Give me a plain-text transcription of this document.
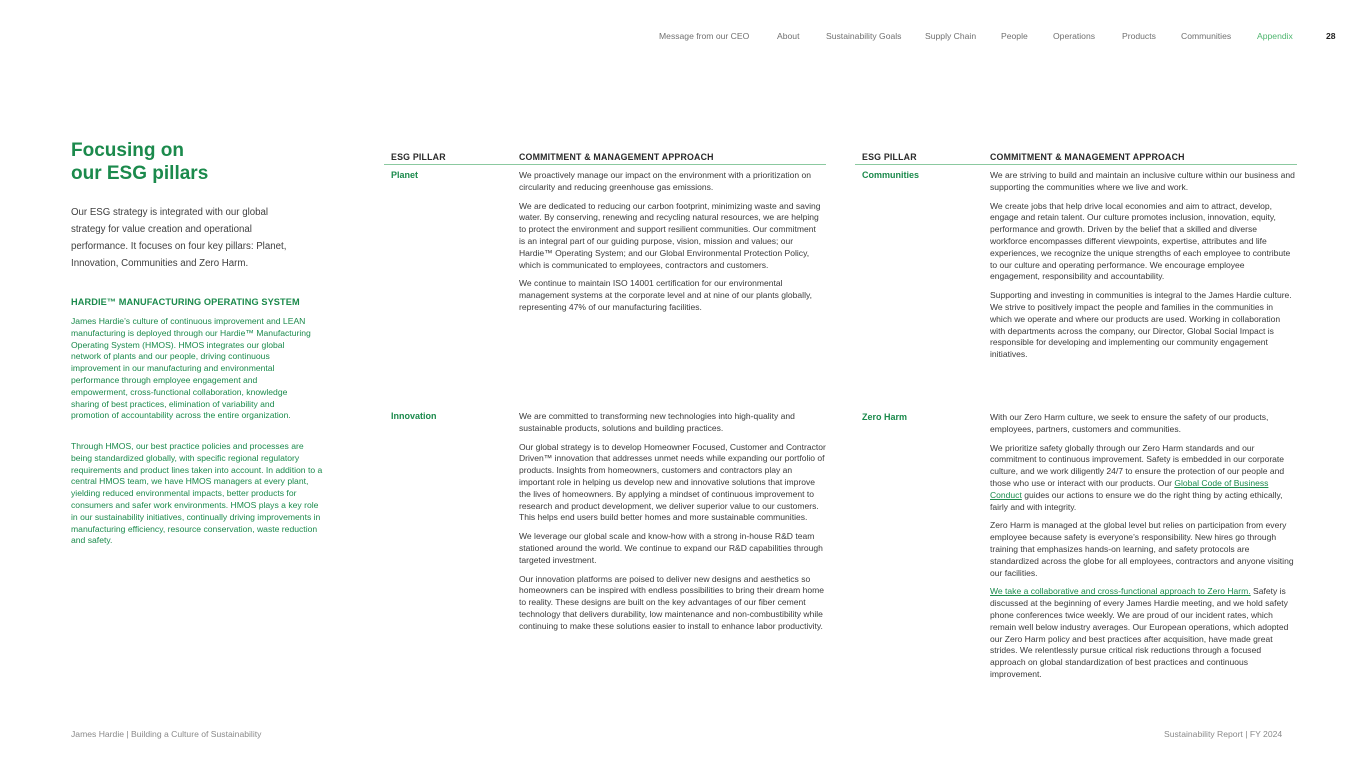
Message from our CEO	About	Sustainability Goals	Supply Chain	People	Operations	Products	Communities	Appendix	28
Focusing on
our ESG pillars

Our ESG strategy is integrated with our global strategy for value creation and operational performance. It focuses on four key pillars: Planet, Innovation, Communities and Zero Harm.

HARDIE™ MANUFACTURING OPERATING SYSTEM

James Hardie’s culture of continuous improvement and LEAN manufacturing is deployed through our Hardie™ Manufacturing Operating System (HMOS). HMOS integrates our global network of plants and our people, driving continuous improvement in our manufacturing and environmental performance through employee engagement and empowerment, cross-functional collaboration, knowledge sharing of best practices, elimination of variability and promotion of accountability across the entire organization.

Through HMOS, our best practice policies and processes are being standardized globally, with specific regional regulatory requirements and product lines taken into account. In addition to a central HMOS team, we have HMOS managers at every plant, yielding reduced environmental impacts, better products for consumers and safer work environments. HMOS plays a key role in our sustainability initiatives, continually driving improvements in manufacturing efficiency, resource conservation, waste reduction and safety.

ESG PILLAR	COMMITMENT & MANAGEMENT APPROACH
Planet	We proactively manage our impact on the environment with a prioritization on circularity and reducing greenhouse gas emissions.

We are dedicated to reducing our carbon footprint, minimizing waste and saving water. By conserving, renewing and recycling natural resources, we are helping to protect the environment and support resilient communities. Our commitment is an integral part of our guiding purpose, vision, mission and values; our Hardie™ Operating System; and our Global Environmental Protection Policy, which is communicated to employees, contractors and customers.

We continue to maintain ISO 14001 certification for our environmental management systems at the corporate level and at nine of our plants globally, representing 47% of our manufacturing facilities.

Innovation	We are committed to transforming new technologies into high-quality and sustainable products, solutions and building practices.

Our global strategy is to develop Homeowner Focused, Customer and Contractor Driven™ innovation that addresses unmet needs while expanding our portfolio of products. Insights from homeowners, customers and contractors play an important role in helping us develop new and innovative solutions that improve the lives of homeowners. By applying a mindset of continuous improvement to research and product development, we deliver superior value to our customers. This helps end users build better homes and more sustainable communities.

We leverage our global scale and know-how with a strong in-house R&D team stationed around the world. We continue to expand our R&D capabilities through targeted investment.

Our innovation platforms are poised to deliver new designs and aesthetics so homeowners can be inspired with endless possibilities to bring their dream home to reality. These designs are built on the key advantages of our fiber cement technology that delivers durability, low maintenance and non-combustibility while continuing to make these solutions easier to install to enhance labor productivity.

ESG PILLAR	COMMITMENT & MANAGEMENT APPROACH
Communities	We are striving to build and maintain an inclusive culture within our business and supporting the communities where we live and work.

We create jobs that help drive local economies and aim to attract, develop, engage and retain talent. Our culture promotes inclusion, innovation, equity, performance and growth. Driven by the belief that a skilled and diverse workforce encompasses different viewpoints, expertise, attributes and life experiences, we recognize the unique strengths of each employee to contribute to our culture and operating performance. We encourage employee engagement, responsibility and accountability.

Supporting and investing in communities is integral to the James Hardie culture. We strive to positively impact the people and families in the communities in which we operate and where our products are used. Working in collaboration with departments across the company, our Director, Global Social Impact is responsible for developing and implementing our community engagement initiatives.

Zero Harm	With our Zero Harm culture, we seek to ensure the safety of our products, employees, partners, customers and communities.

We prioritize safety globally through our Zero Harm standards and our commitment to continuous improvement. Safety is embedded in our corporate culture, and we work diligently 24/7 to ensure the protection of our people and those who use or interact with our products. Our Global Code of Business Conduct guides our actions to ensure we do the right thing by acting ethically, fairly and with integrity.

Zero Harm is managed at the global level but relies on participation from every employee because safety is everyone’s responsibility. New hires go through training that emphasizes hands-on learning, and safety protocols are standardized across the globe for all employees, contractors and anyone visiting our facilities.

We take a collaborative and cross-functional approach to Zero Harm. Safety is discussed at the beginning of every James Hardie meeting, and we hold safety phone conferences twice weekly. We are proud of our incident rates, which remain well below industry averages. Our European operations, which adopted our Zero Harm policy and best practices after acquisition, have made great strides. We relentlessly pursue critical risk reductions through a focused approach on global standardization of best practices and continuous improvement.

James Hardie | Building a Culture of Sustainability	Sustainability Report | FY 2024
